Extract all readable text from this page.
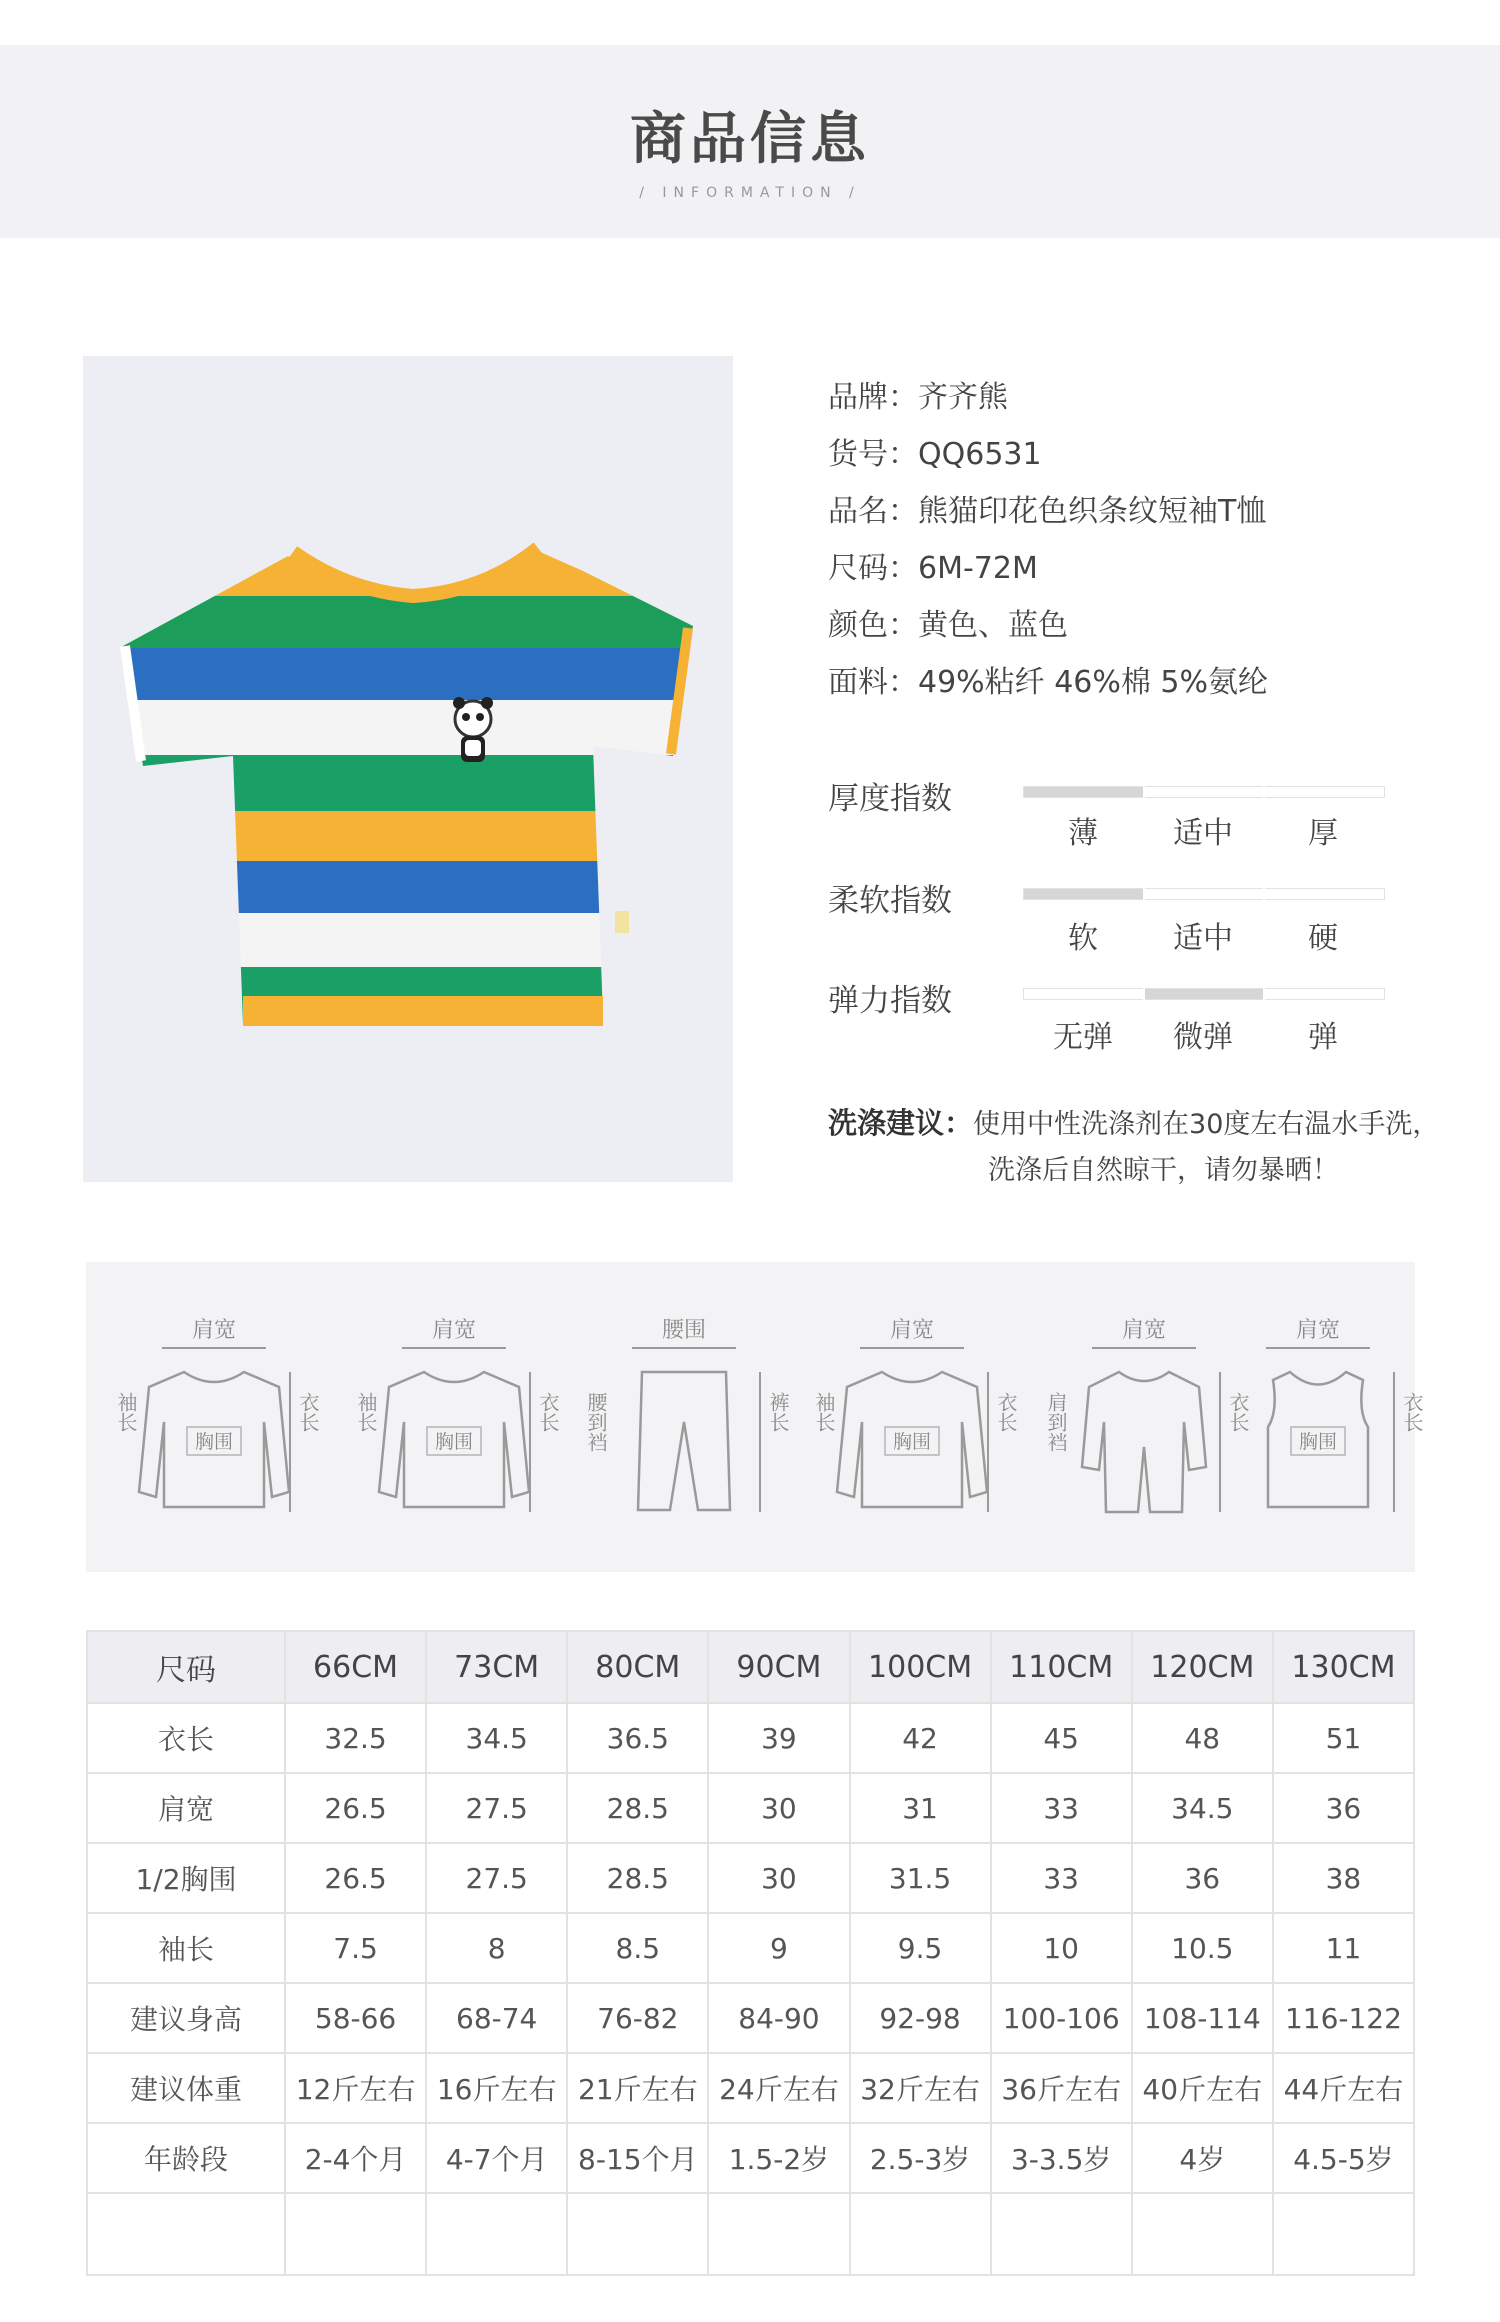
商品信息
/ INFORMATION /
品牌：齐齐熊
货号：QQ6531
品名：熊猫印花色织条纹短袖T恤
尺码：6M-72M
颜色：黄色、蓝色
面料：49%粘纤 46%棉 5%氨纶
厚度指数
薄	适中	厚
柔软指数
软	适中	硬
弹力指数
无弹	微弹	弹
洗涤建议：使用中性洗涤剂在30度左右温水手洗，
洗涤后自然晾干，请勿暴晒！
肩宽
袖长	衣长
胸围
肩宽
袖长	衣长
胸围
腰围
腰到裆	裤长
肩宽
袖长	衣长
胸围
肩宽
肩到裆	衣长
肩宽
衣长
胸围
尺码	66CM	73CM	80CM	90CM	100CM	110CM	120CM	130CM
衣长	32.5	34.5	36.5	39	42	45	48	51
肩宽	26.5	27.5	28.5	30	31	33	34.5	36
1/2胸围	26.5	27.5	28.5	30	31.5	33	36	38
袖长	7.5	8	8.5	9	9.5	10	10.5	11
建议身高	58-66	68-74	76-82	84-90	92-98	100-106	108-114	116-122
建议体重	12斤左右	16斤左右	21斤左右	24斤左右	32斤左右	36斤左右	40斤左右	44斤左右
年龄段	2-4个月	4-7个月	8-15个月	1.5-2岁	2.5-3岁	3-3.5岁	4岁	4.5-5岁
